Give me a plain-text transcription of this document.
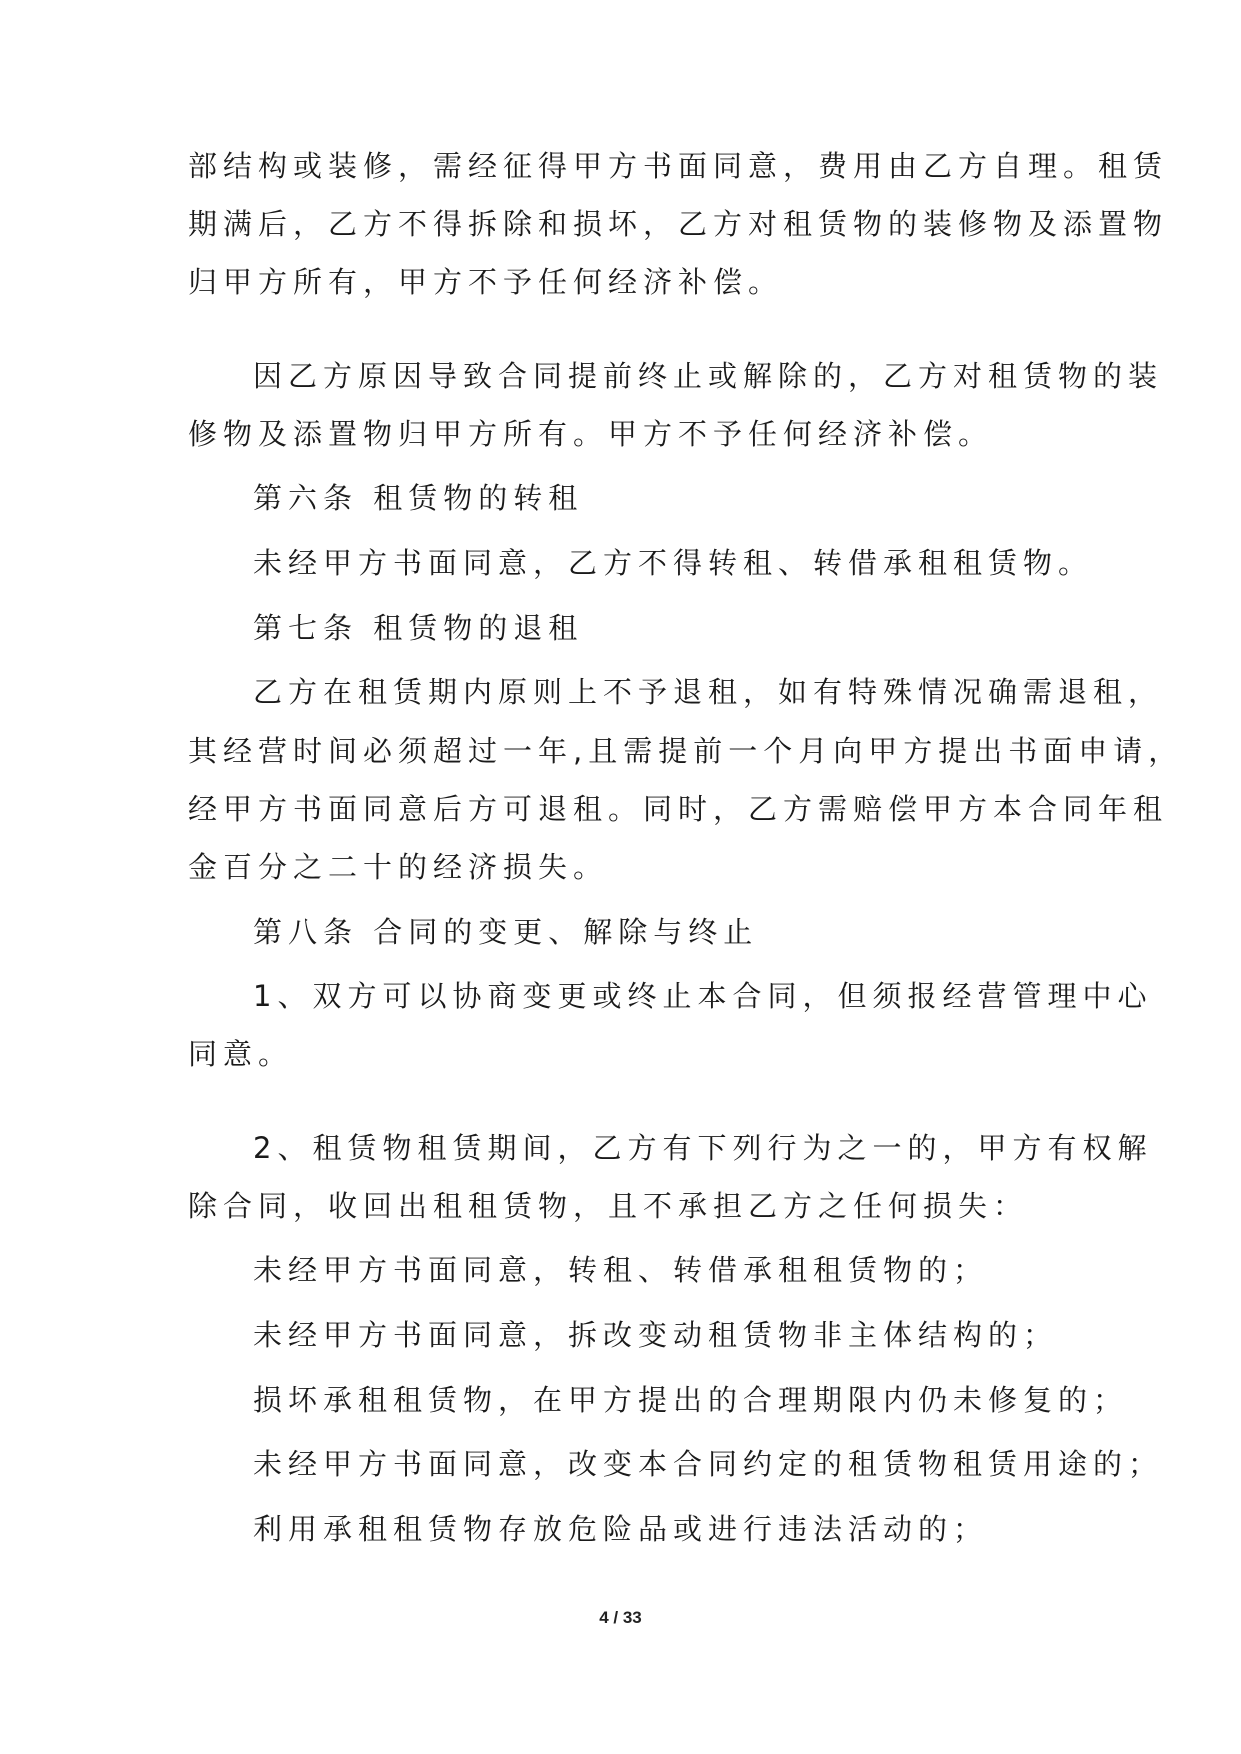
部结构或装修，需经征得甲方书面同意，费用由乙方自理。租赁
期满后，乙方不得拆除和损坏，乙方对租赁物的装修物及添置物
归甲方所有，甲方不予任何经济补偿。
因乙方原因导致合同提前终止或解除的，乙方对租赁物的装
修物及添置物归甲方所有。甲方不予任何经济补偿。
第六条 租赁物的转租
未经甲方书面同意，乙方不得转租、转借承租租赁物。
第七条 租赁物的退租
乙方在租赁期内原则上不予退租，如有特殊情况确需退租，
其经营时间必须超过一年,且需提前一个月向甲方提出书面申请，
经甲方书面同意后方可退租。同时，乙方需赔偿甲方本合同年租
金百分之二十的经济损失。
第八条 合同的变更、解除与终止
1、双方可以协商变更或终止本合同，但须报经营管理中心
同意。
2、租赁物租赁期间，乙方有下列行为之一的，甲方有权解
除合同，收回出租租赁物，且不承担乙方之任何损失：
未经甲方书面同意，转租、转借承租租赁物的；
未经甲方书面同意，拆改变动租赁物非主体结构的；
损坏承租租赁物，在甲方提出的合理期限内仍未修复的；
未经甲方书面同意，改变本合同约定的租赁物租赁用途的；
利用承租租赁物存放危险品或进行违法活动的；
4 / 33
